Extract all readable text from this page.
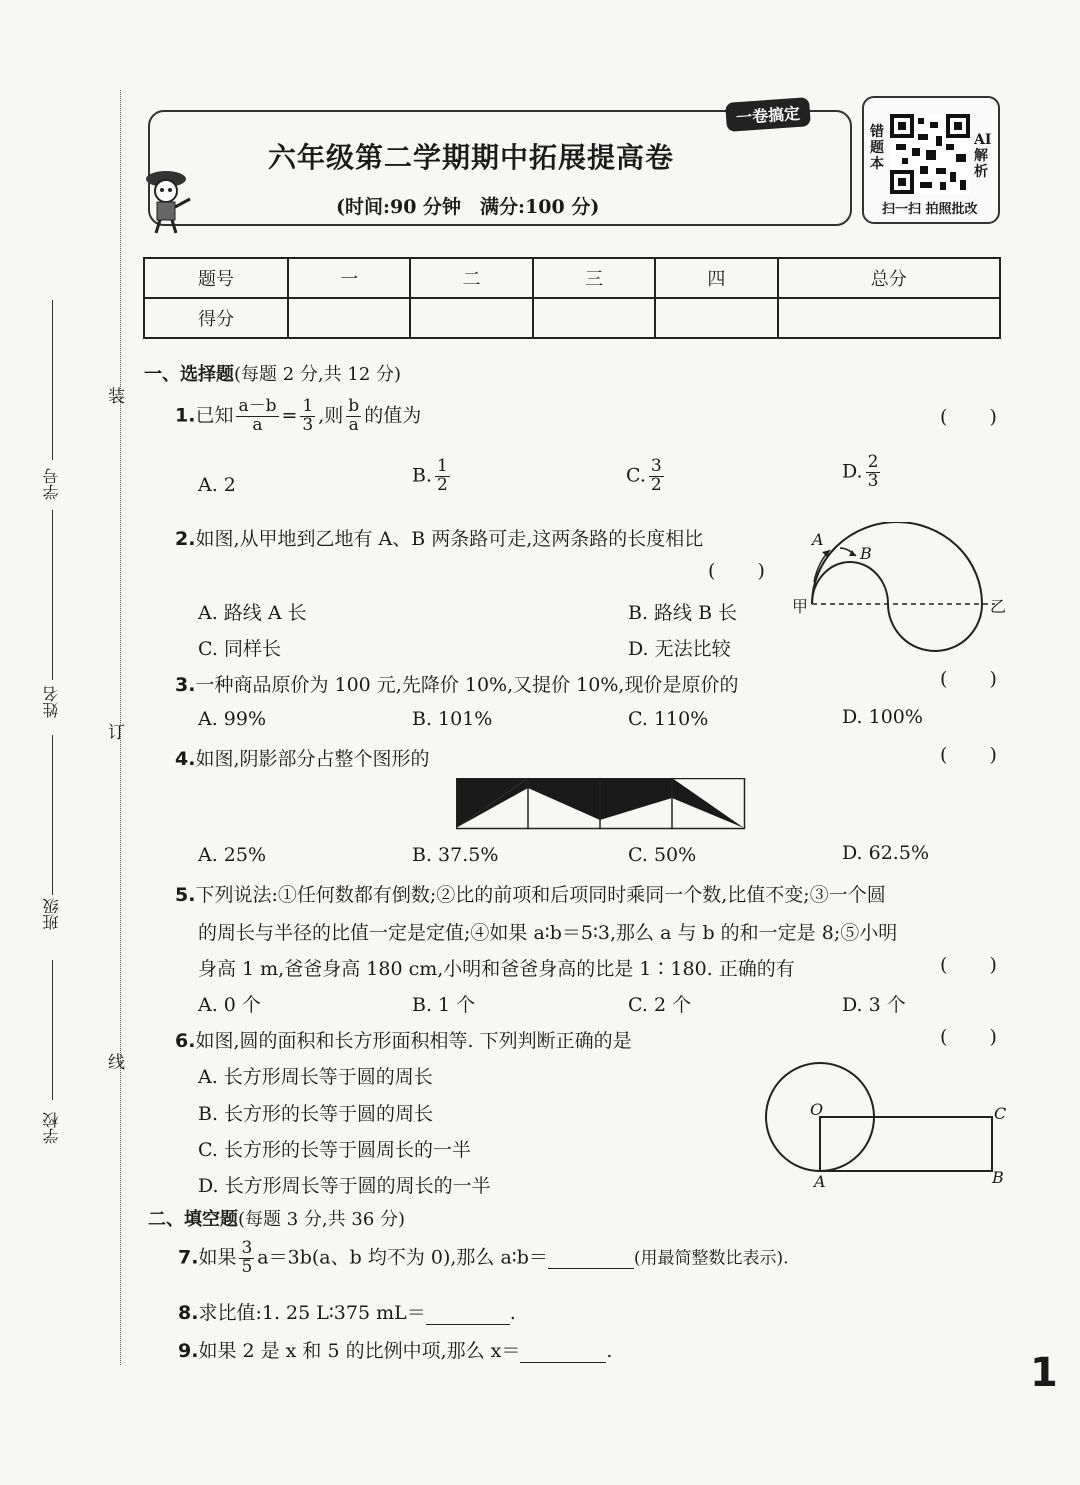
装
订
线
学号
姓名
班级
学校
六年级第二学期期中拓展提高卷
(时间:90 分钟　满分:100 分)
一卷搞定
错题本
AI解析
扫一扫 拍照批改
题号	一	二	三	四	总分
得分					
一、选择题(每题 2 分,共 12 分)
1.已知 $\frac{a-b}{a} = \frac{1}{3}$ ,则 $\frac{b}{a}$ 的值为	( )
A. 2	B. $\frac{1}{2}$	C. $\frac{3}{2}$	D. $\frac{2}{3}$
2.如图,从甲地到乙地有 A、B 两条路可走,这两条路的长度相比
( )
A. 路线 A 长	B. 路线 B 长
C. 同样长	D. 无法比较
A
B
甲	乙
3.一种商品原价为 100 元,先降价 10%,又提价 10%,现价是原价的	( )
A. 99%	B. 101%	C. 110%	D. 100%
4.如图,阴影部分占整个图形的	( )
A. 25%	B. 37.5%	C. 50%	D. 62.5%
5.下列说法:①任何数都有倒数;②比的前项和后项同时乘同一个数,比值不变;③一个圆
的周长与半径的比值一定是定值;④如果 a∶b＝5∶3,那么 a 与 b 的和一定是 8;⑤小明
身高 1 m,爸爸身高 180 cm,小明和爸爸身高的比是 1∶180. 正确的有	( )
A. 0 个	B. 1 个	C. 2 个	D. 3 个
6.如图,圆的面积和长方形面积相等. 下列判断正确的是	( )
A. 长方形周长等于圆的周长
B. 长方形的长等于圆的周长
C. 长方形的长等于圆周长的一半
D. 长方形周长等于圆的周长的一半
O	C
A	B
二、填空题(每题 3 分,共 36 分)
7.如果 $\frac{3}{5} a=3b(a$、b 均不为 0),那么 a∶b＝	(用最简整数比表示).
8.求比值:1. 25 L∶375 mL＝	.
9.如果 2 是 x 和 5 的比例中项,那么 x＝	.	1
